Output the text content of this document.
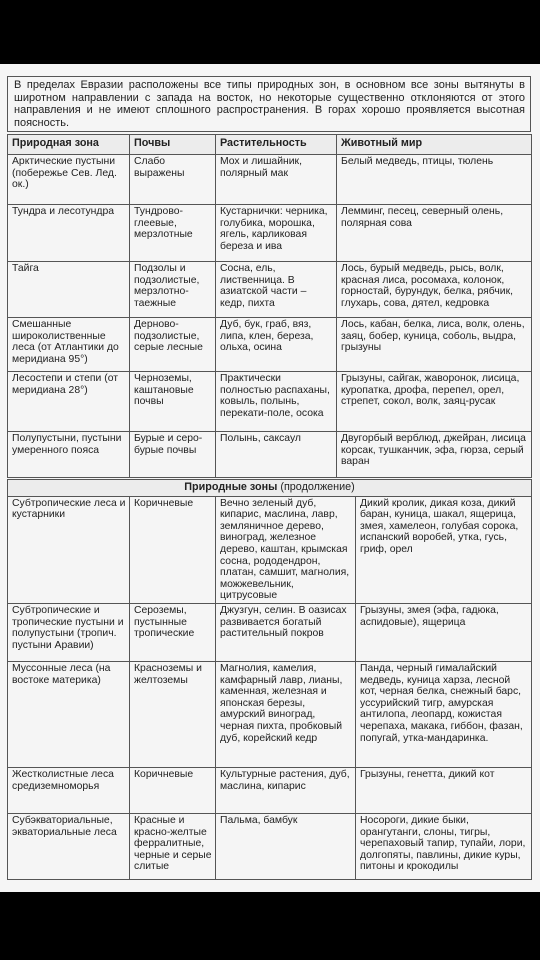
В пределах Евразии расположены все типы природных зон, в основном все зоны вытянуты в широтном направлении с запада на восток, но некоторые существенно отклоняются от этого направления и не имеют сплошного распространения. В горах хорошо проявляется высотная поясность.
Природная зона	Почвы	Растительность	Животный мир
Арктические пустыни (побережье Сев. Лед. ок.)	Слабо выражены	Мох и лишайник, полярный мак	Белый медведь, птицы, тюлень
Тундра и лесотундра	Тундрово-глеевые, мерзлотные	Кустарнички: черника, голубика, морошка, ягель, карликовая береза и ива	Лемминг, песец, северный олень, полярная сова
Тайга	Подзолы и подзолистые, мерзлотно-таежные	Сосна, ель, лиственница. В азиатской части – кедр, пихта	Лось, бурый медведь, рысь, волк, красная лиса, росомаха, колонок, горностай, бурундук, белка, рябчик, глухарь, сова, дятел, кедровка
Смешанные широколиственные леса (от Атлантики до меридиана 95°)	Дерново-подзолистые, серые лесные	Дуб, бук, граб, вяз, липа, клен, береза, ольха, осина	Лось, кабан, белка, лиса, волк, олень, заяц, бобер, куница, соболь, выдра, грызуны
Лесостепи и степи (от меридиана 28°)	Черноземы, каштановые почвы	Практически полностью распаханы, ковыль, полынь, перекати-поле, осока	Грызуны, сайгак, жаворонок, лисица, куропатка, дрофа, перепел, орел, стрепет, сокол, волк, заяц-русак
Полупустыни, пустыни умеренного пояса	Бурые и серо-бурые почвы	Полынь, саксаул	Двугорбый верблюд, джейран, лисица корсак, тушканчик, эфа, гюрза, серый варан
Природные зоны (продолжение)			
Субтропические леса и кустарники	Коричневые	Вечно зеленый дуб, кипарис, маслина, лавр, земляничное дерево, виноград, железное дерево, каштан, крымская сосна, рододендрон, платан, самшит, магнолия, можжевельник, цитрусовые	Дикий кролик, дикая коза, дикий баран, куница, шакал, ящерица, змея, хамелеон, голубая сорока, испанский воробей, утка, гусь, гриф, орел
Субтропические и тропические пустыни и полупустыни (тропич. пустыни Аравии)	Сероземы, пустынные тропические	Джузгун, селин. В оазисах развивается богатый растительный покров	Грызуны, змея (эфа, гадюка, аспидовые), ящерица
Муссонные леса (на востоке материка)	Красноземы и желтоземы	Магнолия, камелия, камфарный лавр, лианы, каменная, железная и японская березы, амурский виноград, черная пихта, пробковый дуб, корейский кедр	Панда, черный гималайский медведь, куница харза, лесной кот, черная белка, снежный барс, уссурийский тигр, амурская антилопа, леопард, кожистая черепаха, макака, гиббон, фазан, попугай, утка-мандаринка.
Жестколистные леса средиземноморья	Коричневые	Культурные растения, дуб, маслина, кипарис	Грызуны, генетта, дикий кот
Субэкваториальные, экваториальные леса	Красные и красно-желтые ферралитные, черные и серые слитые	Пальма, бамбук	Носороги, дикие быки, орангутанги, слоны, тигры, черепаховый тапир, тупайи, лори, долгопяты, павлины, дикие куры, питоны и крокодилы
